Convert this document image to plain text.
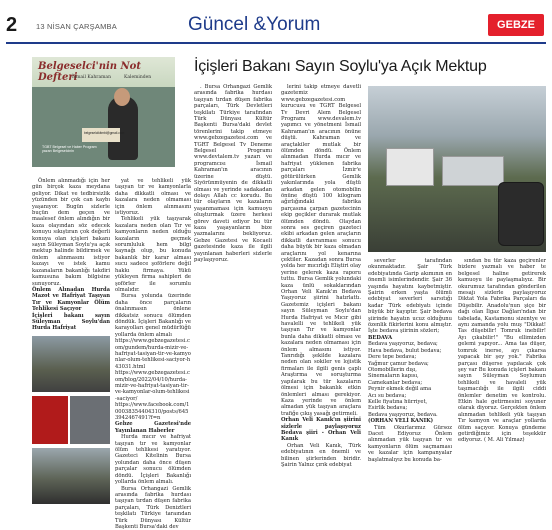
2	13 NİSAN ÇARŞAMBA	Güncel &Yorum	GEBZE
Belgeselci'nin Not Defteri
İsmail Kahraman	Kaleminden
belgeselcikitmbl@gmail.com
TGBT Belgesel ve Haber Program yazarı Belgeselcinin
İçişleri Bakanı Sayın Soylu'ya Açık Mektup

Önlem alınmadığı için her gün birçok kaza meydana geliyor. Dikat ve tedbirsizlik yüzünden bir çok can kaybı yaşanıyor. Bugün sizlerle buçün dem geçen ve maalesef önlem alındığın bir kaza olayından söz edecek konuyu sıkıştıran çok değerli konuya olan içişleri bakanı sayın Süleyman Soylu'ya açık mektup halinde bildirmek ve önlem alınmasını istiyor kazayı ve istek kamu kazanaların bakanlığı takdiri kamusuna bakım bilgisine sunuyoruz.

Önlem Alınadan Hurda Mazot ve Hafriyat Taşıyan Tır ve Kamyonlar Ölüm Tehlikesi Saçıyor

İçişleri bakanı sayın Süleyman Soylu'dan Hurda Hafriyat

yat ve tehlikeli yük taşıyan tır ve kamyonlarla daha dikkatli olması ve kazalara neden olmaması için önlem alınmasını istiyoruz.

Tehlikeli yük taşıyarak kazalara neden olan Tır ve kamyonların neden olduğu kazaların geçmek sorumluluk hem bilgi kaynağı olup, bu konuda bakanlık bir karar alması sucu sadece şoförlere değil hakkı firmaya. Yükü yükleyen firma sahipleri de şoförler ile sorumlu olmalıdır.

Bursa yolunda üzerinde daha önce parçaların önalınmasın önlene dikkatsiz sonucu ölümden döndük. İçişleri Bakanlığı ve karayolları genel müdürlüğü yollarda önlem almalı

https://www.gebzegazetesi.com/gundem/hurda-mizir-ve-hafriyat-tasiyan-tir-ve-kamyonlar-olum-tehlikesi-saciyor-h43031.html

https://www.gebzegazetesi.com/blog/2022/04/10/hurda-mizir-ve-hafriyat-tasiyan-tir-ve-kamyonlar-olum-tehlikesi-saciyor/

https://www.facebook.com/100038354404310/posts/6453942467491?f=n

Gebze Gazetesi'nde Yayınlanan Haberler

Hurda mıcır ve hafriyat taşıyan tır ve kamyonlar ölüm tehlikesi yaratıyor. Gazeteci Kitelinin Bursa yolundan daha önce düşen parçalar sonucu ölümden döndü. İçişleri Bakanlığı yollarda önlem almalı.

Bursa Orhangazi Gemlik arasında fabrika hurdası taşıyan tırdan düşen fabrika parçaları, Türk Deniztleri teşkilatı Türkiye taraından Türk Dünyası Kültür Başkenti Bursa'daki dev

. Bursa Orhangazi Gemlik arasında fabrika hurdası taşıyan tırdan düşen fabrika parçaları, Türk Devletleri teşkilatı Türkiye tarafından Türk Dünyası Kültür Başkenti Bursa'daki devlet törenlerini takip etmeye www.gebzegazetesi.com ve TGRT Belgesel Tv Deneme Belgesel Programı www.devtalem.tv yazarı ve programcısı İsmail Kahraman'ın aracının üzerine düştü. Siyörünmüyenin de dikkatli olması ve yerinde sadakadan dolayı Allah cc korudu. Bu tür olayların ve kazaların yaşanmaması için kamuoyu oluşturmak üzere herkesi görev daveti ediyor bu tür kaza yaşayanların bize yazmalarını bekliyoruz. Gebze Gazetesi ve Kocaeli gazetesinde kaza ile ilgili yayınlanan haberleri sizlerle paylaşıyoruz.

lerini takip etmeye davetli gazetemiz www.gebzegazetesi.com kurucusu ve TGRT Belgesel Tv Devri Alem Belgesel Programı www.devalem.tv yapımcı ve yönetmeni İsmail Kahraman'ın aracının önüne düştü. Kahraman ve araçtakiler mutlak bir ölümden döndü. Önlem alınmadan Hurda mıcır ve hafriyat yüklenen fabrika parçaları İzmir'e götürülürken Gemlik yakınlarında yola düştü arkadan gelen otomobilin önüne düştü 100 kilogram ağırlığındaki fabrika parçasına çarpan gazetecinin ekip geçikler durarak mutlak ölümden döndü. Olaydan sonra ses geçiren gazeteci ekibi arkadan gelen araçların dikkatli davranması sonucu daha büyük bir kaza olmadan araçlarını yol kenarına çektiler. Kazadan sonra Bursa yolda her mıcırlığı Eliştiri olay yerine gelerek kaza raporu tuttu. Bursa Gemlik yolundaki kaza ünlü sokaklarından Orhan Veli Kanık'ın Bedava Yaşıyoruz şiirini hatırlattı. Gazetemiz içişleri bakanı sayın Süleyman Soylu'dan Hurda Hafriyat ve Mıcır gibi havalelli ve tehlikeli yük taşıyan Tır ve kamyonlar bunla daha dikkatli olması ve kazalara neden olmaması için önlem almasını istiyor. Tanrıdığı şekilde kazalara neden olan sokiler ve lojistik firmaları ile ilgili genis çaplı Araştırma ve soruşturma yapılarak bu tür kazaların ölmesi için bakanlık etkin önlemleri alması gerekiyor. Kaza yerinde ve önlem almadan yük taşıyan araçlara trafiğe çıkış yasağı getirmeli.

Orhan Veli Kanık'ın şiirini sizlerle paylaşıyoruz Bedava şiiri - Orhan Veli Kanık

Orhan Veli Kanık, Türk edebiyatının en önemli ve bilinen şiirlerinden biridir. Şairin Yalnız çırık edebiyat

severler tarafından okunmaktadır. Şair Türk edebiyatında Garip akımının en önemli isimlerindendir. Şair 36 yaşında hayatını kaybetmiştir. Şairin erken yaşta ölümü edebiyat severleri sarsıtığı kadar Türk edebiyatı içinde büyük bir kayıptır. Şair bedava şiirinde hayatın ucuz olduğunu özenlik fikirlerini konu almıştır. İşte bedava şiirinin sözleri;

BEDAVA

Bedava yaşıyoruz, bedava;

Hava bedava, bulut bedava;

Dere tepe bedava;

Yağmur çamur bedava;

Otomobillerin dışı,

Sinemaların kapısı,

Camekanlar bedava;

Peynir ekmek değil ama

Acı su bedava;

Kelle fiyatına hürriyet,

Esirlik bedava;

Bedava yaşıyoruz, bedava.

(ORHAN VELİ KANIK)

Tüm Okurlarımız Gürsoz Dacet Ediyoruz Önlem alınmadan yük taşıyan tır ve kamyonların ölüm saçmaması ve kazalar için kampanyalar başlatmalıyız bu konuda ba-

sından bu tür kaza geçirenler bizlere yazmalı ve haber te belgesel haline getirerek kamuoyu ile paylaşmalıyız. Bir okurumuz tarafından gönderilen mesajı sizlerle paylaşıyoruz Diktat Yola Fabrika Parçaları da Düşebilir. Anadolu'nun şiçe bir dağı olan İlgaz Dağları'ndan bir tabelada, Kastamonu sizentye ve aynı zamanda yolu muş "Dikkat! Tas düşebilir! Tomruk inebilir! Ayı çıkabilir!" "Bu ellimizden gelemi yapıyor... Ama tas düşer, tomruk inerse, ayı çıkarsa yapacak bir şey yok." Fabrika parçası düşerse yapılacak çok şey var Bu konuda içişleri bakanı sayın Süleyman Soylumun tehlikeli ve havaleli yük taşımacılığı ile ilgili ciddi önlemler denetim ve kontrolu. Etkin hale getirmesini soyuner olarak diyoruz. Gerçekten önlem alınmadan tehlikeli yük taşıyan Tır kamyon ve araçlar yollarda ölüm saçıyor. Konuya gündeme getirdiğimiz için teşekkür ediyoruz. ( M. Ali Yılmaz)
